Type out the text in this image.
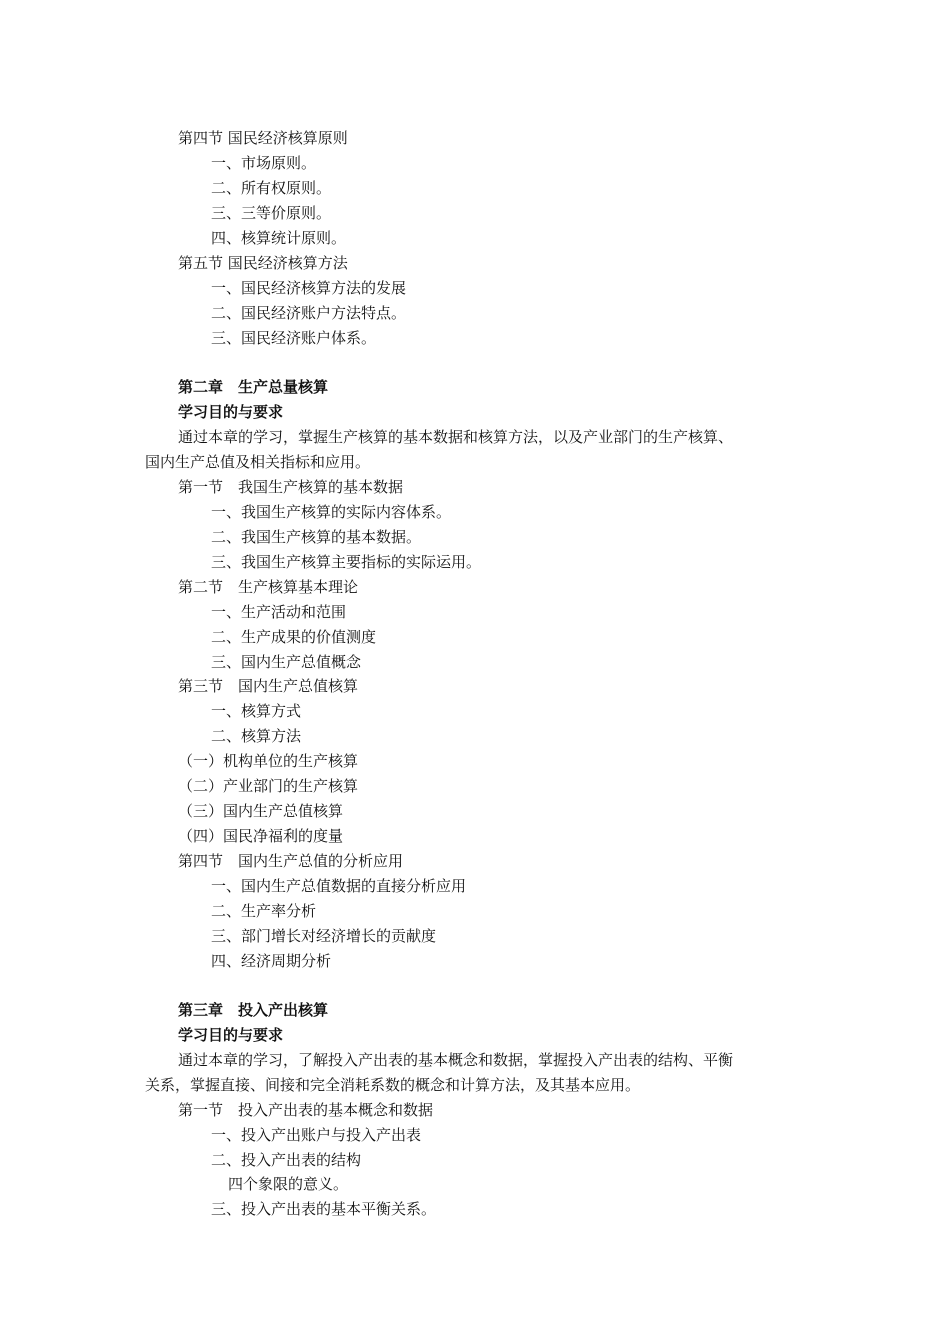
第四节 国民经济核算原则
一、市场原则。
二、所有权原则。
三、三等价原则。
四、核算统计原则。
第五节 国民经济核算方法
一、国民经济核算方法的发展
二、国民经济账户方法特点。
三、国民经济账户体系。
第二章　生产总量核算
学习目的与要求
通过本章的学习，掌握生产核算的基本数据和核算方法，以及产业部门的生产核算、
国内生产总值及相关指标和应用。
第一节　我国生产核算的基本数据
一、我国生产核算的实际内容体系。
二、我国生产核算的基本数据。
三、我国生产核算主要指标的实际运用。
第二节　生产核算基本理论
一、生产活动和范围
二、生产成果的价值测度
三、国内生产总值概念
第三节　国内生产总值核算
一、核算方式
二、核算方法
（一）机构单位的生产核算
（二）产业部门的生产核算
（三）国内生产总值核算
（四）国民净福利的度量
第四节　国内生产总值的分析应用
一、国内生产总值数据的直接分析应用
二、生产率分析
三、部门增长对经济增长的贡献度
四、经济周期分析
第三章　投入产出核算
学习目的与要求
通过本章的学习，了解投入产出表的基本概念和数据，掌握投入产出表的结构、平衡
关系，掌握直接、间接和完全消耗系数的概念和计算方法，及其基本应用。
第一节　投入产出表的基本概念和数据
一、投入产出账户与投入产出表
二、投入产出表的结构
四个象限的意义。
三、投入产出表的基本平衡关系。
